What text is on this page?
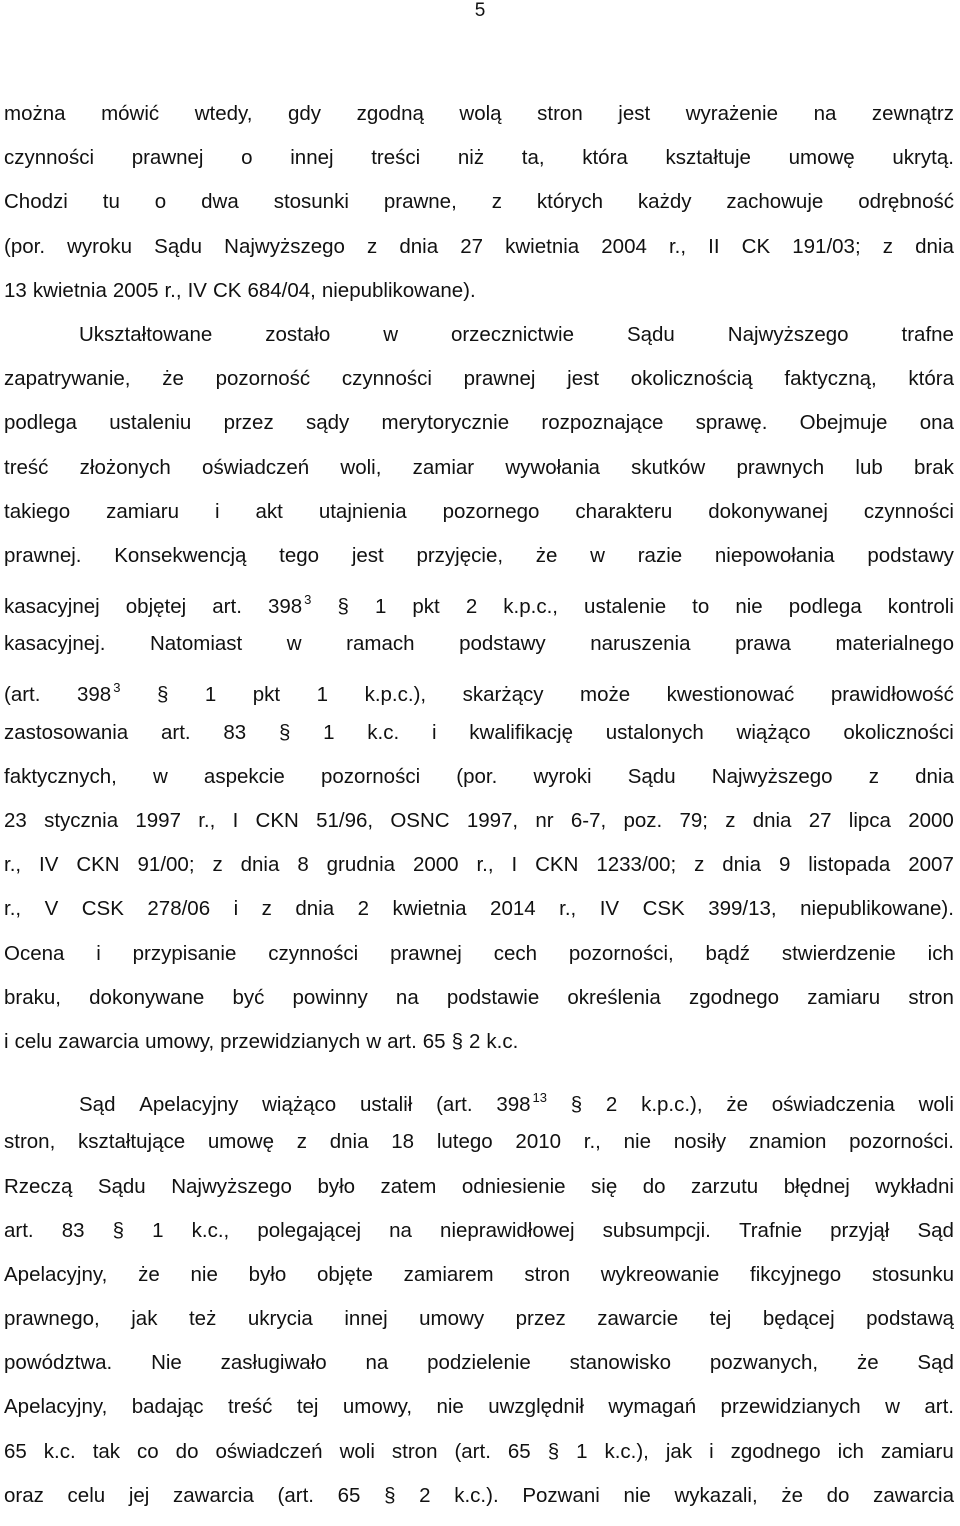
5
można mówić wtedy, gdy zgodną wolą stron jest wyrażenie na zewnątrz
czynności prawnej o innej treści niż ta, która kształtuje umowę ukrytą.
Chodzi tu o dwa stosunki prawne, z których każdy zachowuje odrębność
(por. wyroku Sądu Najwyższego z dnia 27 kwietnia 2004 r., II CK 191/03; z dnia
13 kwietnia 2005 r., IV CK 684/04, niepublikowane).
Ukształtowane	zostało	w	orzecznictwie	Sądu	Najwyższego	trafne
zapatrywanie, że pozorność czynności prawnej jest okolicznością faktyczną, która
podlega ustaleniu przez sądy merytorycznie rozpoznające sprawę. Obejmuje ona
treść złożonych oświadczeń woli, zamiar wywołania skutków prawnych lub brak
takiego zamiaru i akt utajnienia pozornego charakteru dokonywanej czynności
prawnej. Konsekwencją tego jest przyjęcie, że w razie niepowołania podstawy
kasacyjnej objętej art. 398 $^3$ § 1 pkt 2 k.p.c., ustalenie to nie podlega kontroli
kasacyjnej. Natomiast w ramach podstawy naruszenia prawa materialnego
(art. 398 $^3$ § 1 pkt 1 k.p.c.), skarżący może kwestionować prawidłowość
zastosowania art. 83 § 1 k.c. i kwalifikację ustalonych wiążąco okoliczności
faktycznych, w aspekcie pozorności (por. wyroki Sądu Najwyższego z dnia
23 stycznia 1997 r., I CKN 51/96, OSNC 1997, nr 6-7, poz. 79; z dnia 27 lipca 2000
r., IV CKN 91/00; z dnia 8 grudnia 2000 r., I CKN 1233/00; z dnia 9 listopada 2007
r., V CSK 278/06 i z dnia 2 kwietnia 2014 r., IV CSK 399/13, niepublikowane).
Ocena i przypisanie czynności prawnej cech pozorności, bądź stwierdzenie ich
braku, dokonywane być powinny na podstawie określenia zgodnego zamiaru stron
i celu zawarcia umowy, przewidzianych w art. 65 § 2 k.c.
Sąd Apelacyjny wiążąco ustalił (art. 398 $^{13}$ § 2 k.p.c.), że oświadczenia woli
stron, kształtujące umowę z dnia 18 lutego 2010 r., nie nosiły znamion pozorności.
Rzeczą Sądu Najwyższego było zatem odniesienie się do zarzutu błędnej wykładni
art. 83 § 1 k.c., polegającej na nieprawidłowej subsumpcji. Trafnie przyjął Sąd
Apelacyjny, że nie było objęte zamiarem stron wykreowanie fikcyjnego stosunku
prawnego, jak też ukrycia innej umowy przez zawarcie tej będącej podstawą
powództwa. Nie zasługiwało na podzielenie stanowisko pozwanych, że Sąd
Apelacyjny, badając treść tej umowy, nie uwzględnił wymagań przewidzianych w art.
65 k.c. tak co do oświadczeń woli stron (art. 65 § 1 k.c.), jak i zgodnego ich zamiaru
oraz celu jej zawarcia (art. 65 § 2 k.c.). Pozwani nie wykazali, że do zawarcia
